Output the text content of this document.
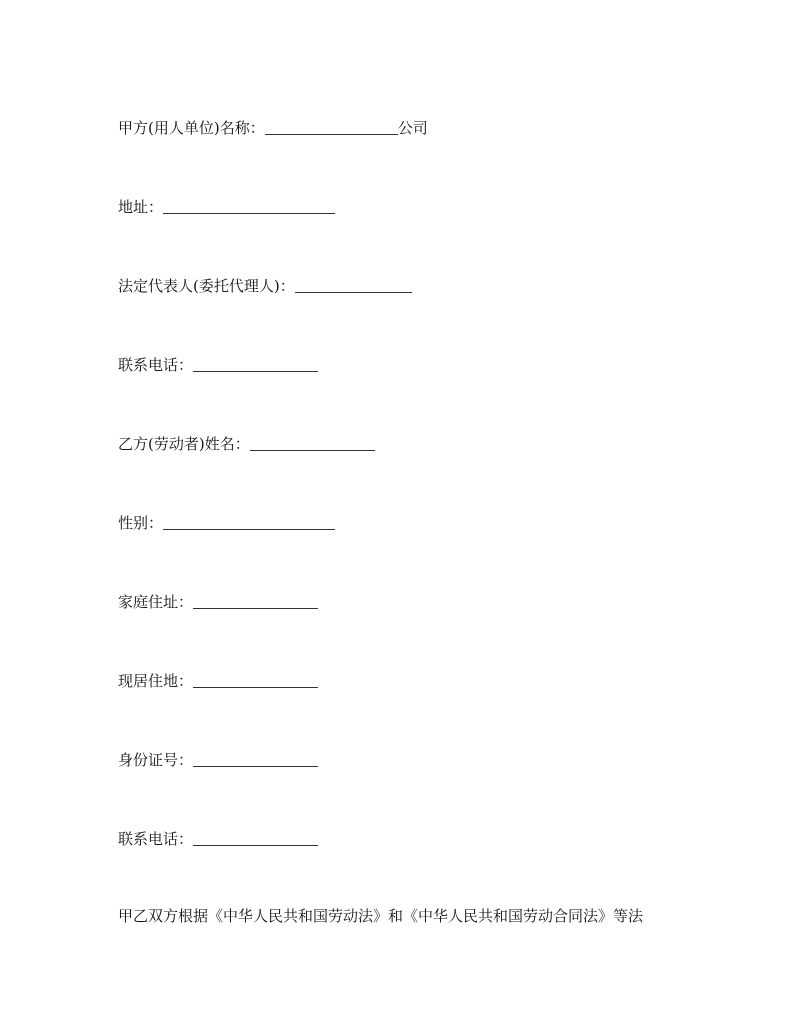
甲方(用人单位)名称：	公司
地址：
法定代表人(委托代理人)：
联系电话：
乙方(劳动者)姓名：
性别：
家庭住址：
现居住地：
身份证号：
联系电话：
甲乙双方根据《中华人民共和国劳动法》和《中华人民共和国劳动合同法》等法
